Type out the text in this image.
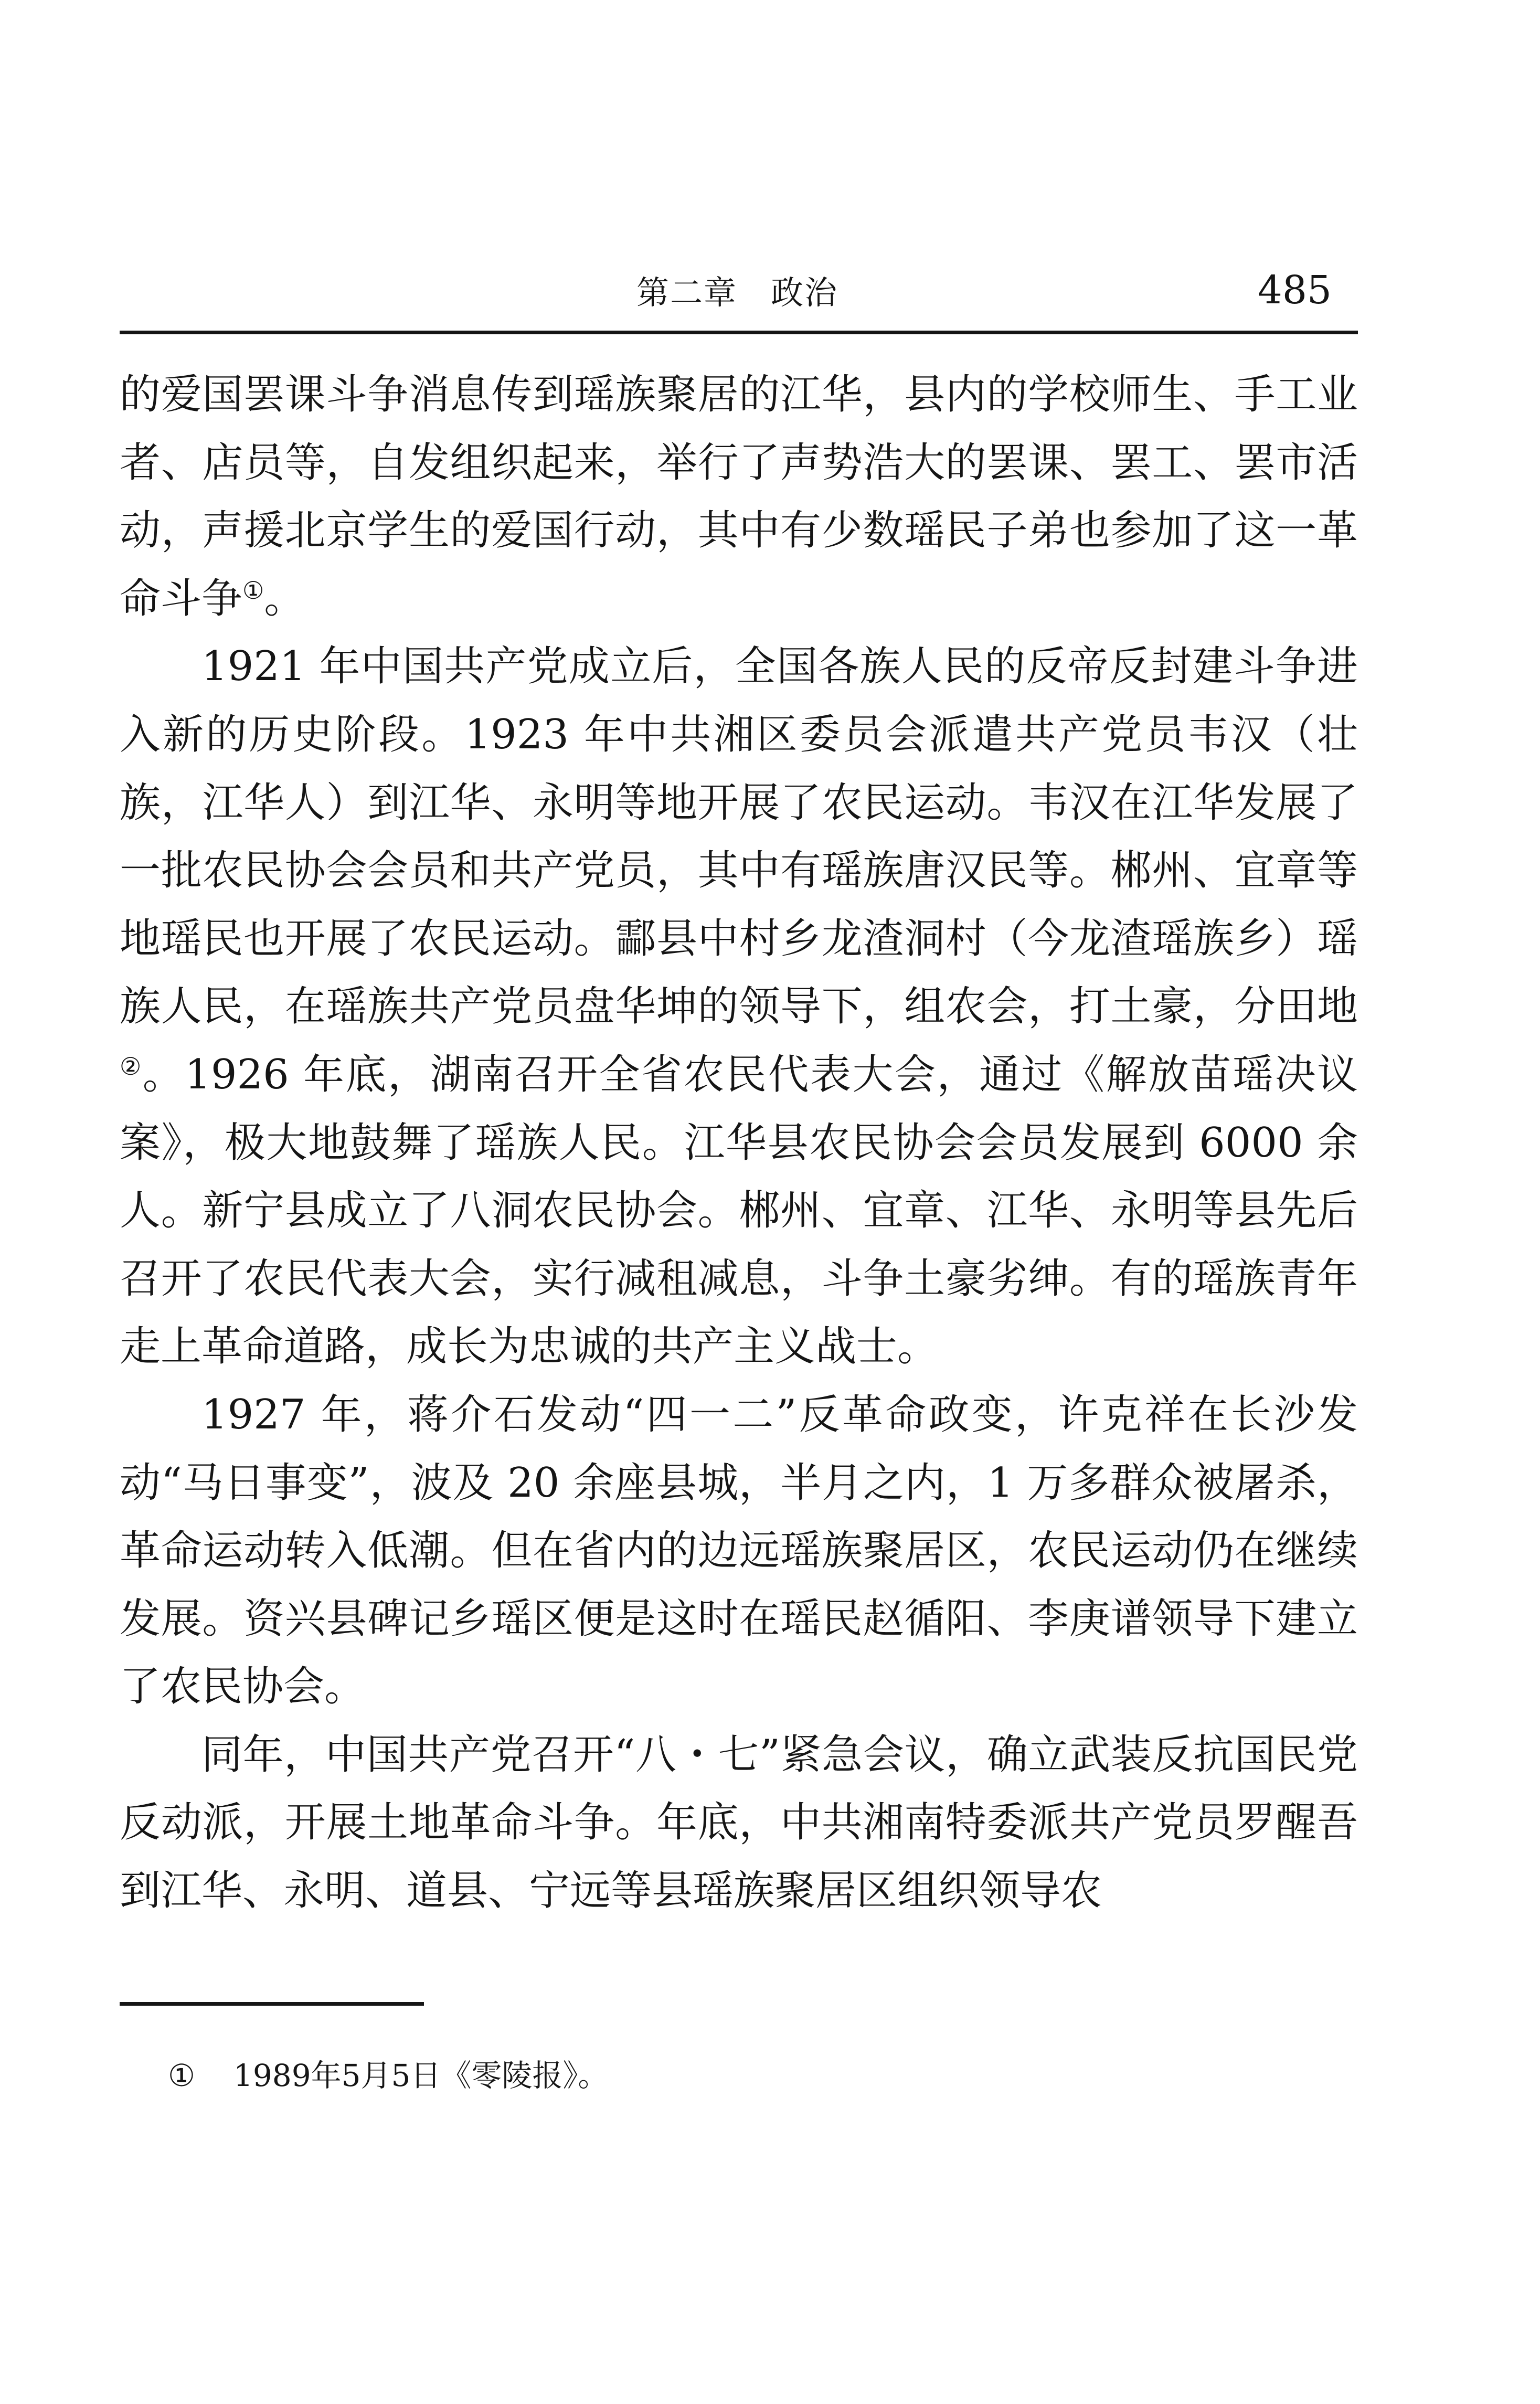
第二章　政治	485

的爱国罢课斗争消息传到瑶族聚居的江华，县内的学校师生、手工业者、店员等，自发组织起来，举行了声势浩大的罢课、罢工、罢市活动，声援北京学生的爱国行动，其中有少数瑶民子弟也参加了这一革命斗争①。

1921 年中国共产党成立后，全国各族人民的反帝反封建斗争进入新的历史阶段。1923 年中共湘区委员会派遣共产党员韦汉（壮族，江华人）到江华、永明等地开展了农民运动。韦汉在江华发展了一批农民协会会员和共产党员，其中有瑶族唐汉民等。郴州、宜章等地瑶民也开展了农民运动。酃县中村乡龙渣洞村（今龙渣瑶族乡）瑶族人民，在瑶族共产党员盘华坤的领导下，组农会，打土豪，分田地②。1926 年底，湖南召开全省农民代表大会，通过《解放苗瑶决议案》，极大地鼓舞了瑶族人民。江华县农民协会会员发展到 6000 余人。新宁县成立了八洞农民协会。郴州、宜章、江华、永明等县先后召开了农民代表大会，实行减租减息，斗争土豪劣绅。有的瑶族青年走上革命道路，成长为忠诚的共产主义战士。

1927 年，蒋介石发动“四一二”反革命政变，许克祥在长沙发动“马日事变”，波及 20 余座县城，半月之内，1 万多群众被屠杀，革命运动转入低潮。但在省内的边远瑶族聚居区，农民运动仍在继续发展。资兴县碑记乡瑶区便是这时在瑶民赵循阳、李庚谱领导下建立了农民协会。

同年，中国共产党召开“八・七”紧急会议，确立武装反抗国民党反动派，开展土地革命斗争。年底，中共湘南特委派共产党员罗醒吾到江华、永明、道县、宁远等县瑶族聚居区组织领导农

① 1989年5月5日《零陵报》。
